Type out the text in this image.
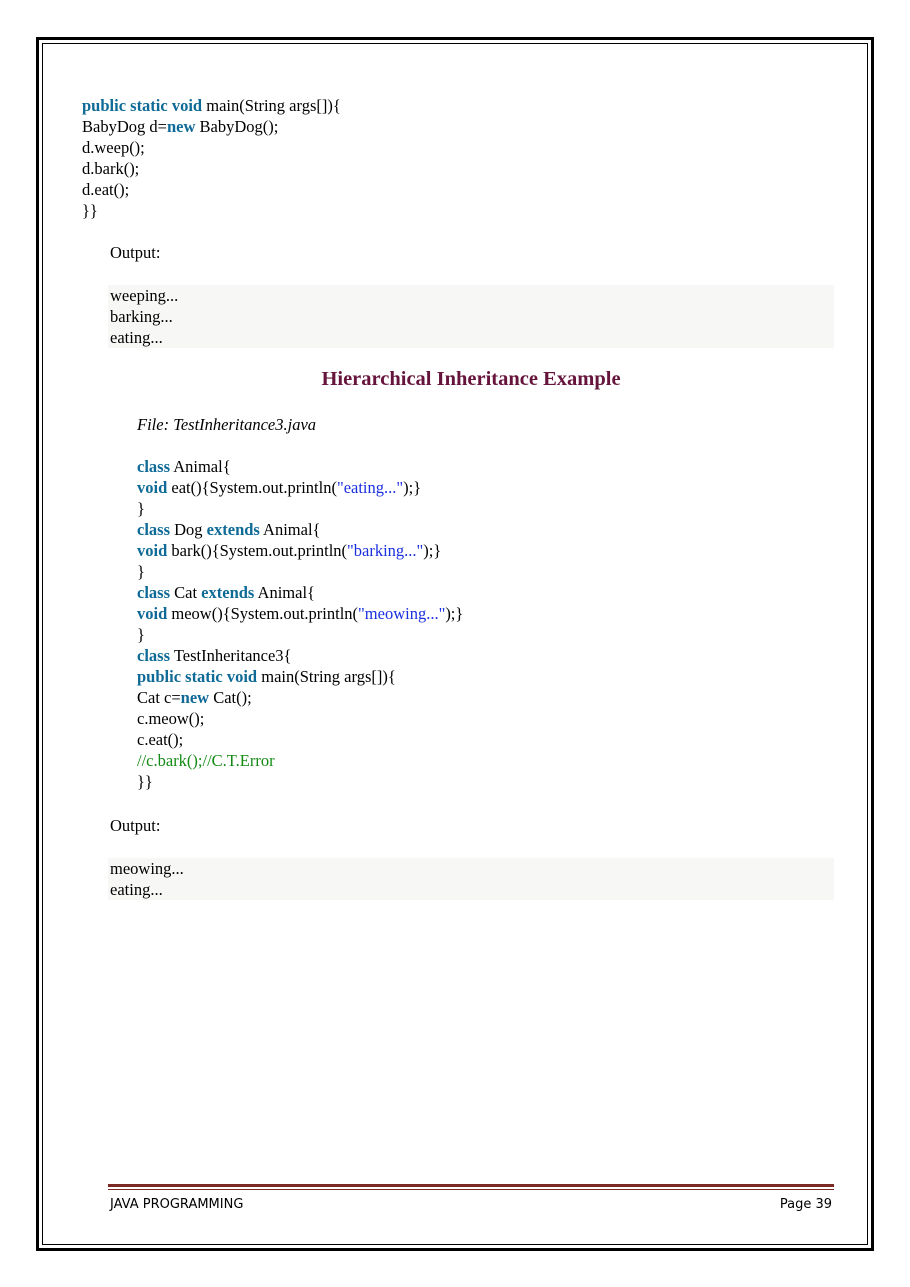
public static void main(String args[]){
BabyDog d=new BabyDog();
d.weep();
d.bark();
d.eat();
}}
Output:
weeping...
barking...
eating...
Hierarchical Inheritance Example
File: TestInheritance3.java
class Animal{
void eat(){System.out.println("eating...");}
}
class Dog extends Animal{
void bark(){System.out.println("barking...");}
}
class Cat extends Animal{
void meow(){System.out.println("meowing...");}
}
class TestInheritance3{
public static void main(String args[]){
Cat c=new Cat();
c.meow();
c.eat();
//c.bark();//C.T.Error
}}
Output:
meowing...
eating...
JAVA PROGRAMMING	Page 39
